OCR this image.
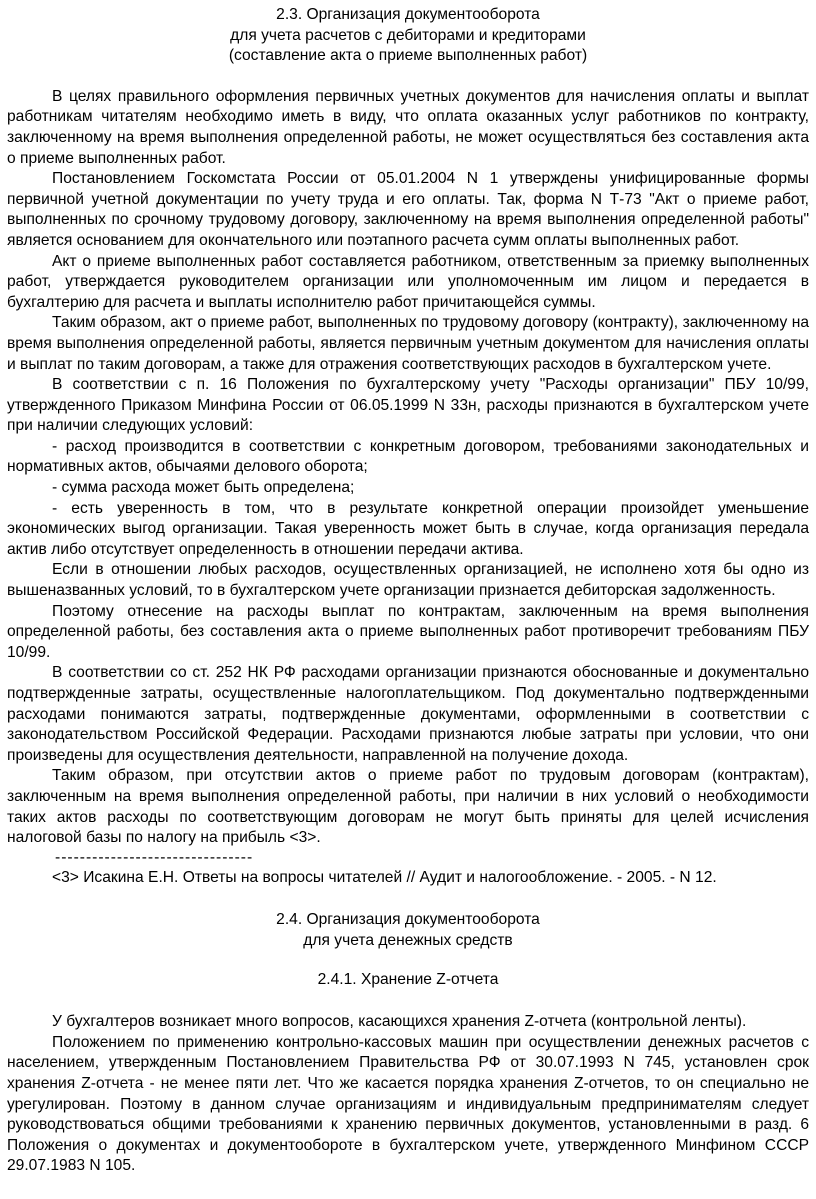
2.3. Организация документооборота
для учета расчетов с дебиторами и кредиторами
(составление акта о приеме выполненных работ)

В целях правильного оформления первичных учетных документов для начисления оплаты и выплат работникам читателям необходимо иметь в виду, что оплата оказанных услуг работников по контракту, заключенному на время выполнения определенной работы, не может осуществляться без составления акта о приеме выполненных работ.

Постановлением Госкомстата России от 05.01.2004 N 1 утверждены унифицированные формы первичной учетной документации по учету труда и его оплаты. Так, форма N Т-73 "Акт о приеме работ, выполненных по срочному трудовому договору, заключенному на время выполнения определенной работы" является основанием для окончательного или поэтапного расчета сумм оплаты выполненных работ.

Акт о приеме выполненных работ составляется работником, ответственным за приемку выполненных работ, утверждается руководителем организации или уполномоченным им лицом и передается в бухгалтерию для расчета и выплаты исполнителю работ причитающейся суммы.

Таким образом, акт о приеме работ, выполненных по трудовому договору (контракту), заключенному на время выполнения определенной работы, является первичным учетным документом для начисления оплаты и выплат по таким договорам, а также для отражения соответствующих расходов в бухгалтерском учете.

В соответствии с п. 16 Положения по бухгалтерскому учету "Расходы организации" ПБУ 10/99, утвержденного Приказом Минфина России от 06.05.1999 N 33н, расходы признаются в бухгалтерском учете при наличии следующих условий:

- расход производится в соответствии с конкретным договором, требованиями законодательных и нормативных актов, обычаями делового оборота;

- сумма расхода может быть определена;

- есть уверенность в том, что в результате конкретной операции произойдет уменьшение экономических выгод организации. Такая уверенность может быть в случае, когда организация передала актив либо отсутствует определенность в отношении передачи актива.

Если в отношении любых расходов, осуществленных организацией, не исполнено хотя бы одно из вышеназванных условий, то в бухгалтерском учете организации признается дебиторская задолженность.

Поэтому отнесение на расходы выплат по контрактам, заключенным на время выполнения определенной работы, без составления акта о приеме выполненных работ противоречит требованиям ПБУ 10/99.

В соответствии со ст. 252 НК РФ расходами организации признаются обоснованные и документально подтвержденные затраты, осуществленные налогоплательщиком. Под документально подтвержденными расходами понимаются затраты, подтвержденные документами, оформленными в соответствии с законодательством Российской Федерации. Расходами признаются любые затраты при условии, что они произведены для осуществления деятельности, направленной на получение дохода.

Таким образом, при отсутствии актов о приеме работ по трудовым договорам (контрактам), заключенным на время выполнения определенной работы, при наличии в них условий о необходимости таких актов расходы по соответствующим договорам не могут быть приняты для целей исчисления налоговой базы по налогу на прибыль <3>.

--------------------------------

<3> Исакина Е.Н. Ответы на вопросы читателей // Аудит и налогообложение. - 2005. - N 12.

2.4. Организация документооборота
для учета денежных средств
2.4.1. Хранение Z-отчета

У бухгалтеров возникает много вопросов, касающихся хранения Z-отчета (контрольной ленты).

Положением по применению контрольно-кассовых машин при осуществлении денежных расчетов с населением, утвержденным Постановлением Правительства РФ от 30.07.1993 N 745, установлен срок хранения Z-отчета - не менее пяти лет. Что же касается порядка хранения Z-отчетов, то он специально не урегулирован. Поэтому в данном случае организациям и индивидуальным предпринимателям следует руководствоваться общими требованиями к хранению первичных документов, установленными в разд. 6 Положения о документах и документообороте в бухгалтерском учете, утвержденного Минфином СССР 29.07.1983 N 105.
